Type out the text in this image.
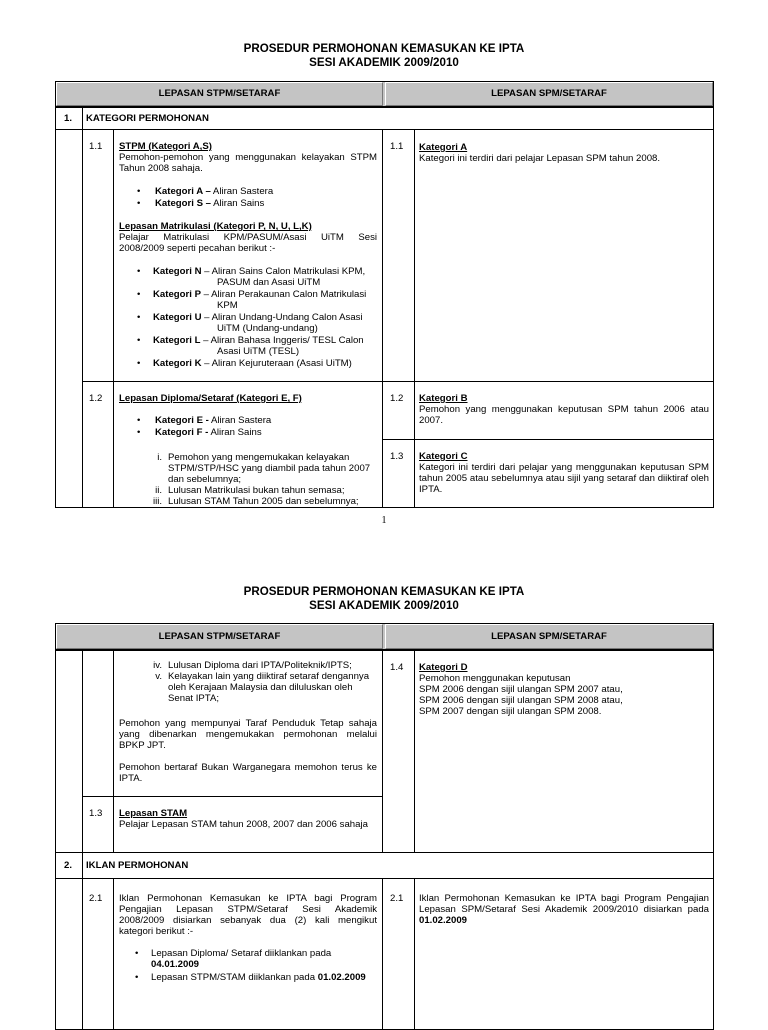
PROSEDUR PERMOHONAN KEMASUKAN KE IPTA
SESI AKADEMIK 2009/2010
LEPASAN STPM/SETARAF	LEPASAN SPM/SETARAF
1. KATEGORI PERMOHONAN
1.1 STPM (Kategori A,S)
Pemohon-pemohon yang menggunakan kelayakan STPM Tahun 2008 sahaja.
• Kategori A – Aliran Sastera
• Kategori S – Aliran Sains
Lepasan Matrikulasi (Kategori P, N, U, L,K)
Pelajar Matrikulasi KPM/PASUM/Asasi UiTM Sesi 2008/2009 seperti pecahan berikut :-
• Kategori N – Aliran Sains Calon Matrikulasi KPM,
PASUM dan Asasi UiTM
• Kategori P – Aliran Perakaunan Calon Matrikulasi
KPM
• Kategori U – Aliran Undang-Undang Calon Asasi
UiTM (Undang-undang)
• Kategori L – Aliran Bahasa Inggeris/ TESL Calon
Asasi UiTM (TESL)
• Kategori K – Aliran Kejuruteraan (Asasi UiTM)
1.1 Kategori A
Kategori ini terdiri dari pelajar Lepasan SPM tahun 2008.
1.2 Lepasan Diploma/Setaraf (Kategori E, F)
• Kategori E - Aliran Sastera
• Kategori F - Aliran Sains
i. Pemohon yang mengemukakan kelayakan
STPM/STP/HSC yang diambil pada tahun 2007
dan sebelumnya;
ii. Lulusan Matrikulasi bukan tahun semasa;
iii. Lulusan STAM Tahun 2005 dan sebelumnya;
1.2 Kategori B
Pemohon yang menggunakan keputusan SPM tahun 2006 atau 2007.
1.3 Kategori C
Kategori ini terdiri dari pelajar yang menggunakan keputusan SPM tahun 2005 atau sebelumnya atau sijil yang setaraf dan diiktiraf oleh IPTA.
1
PROSEDUR PERMOHONAN KEMASUKAN KE IPTA
SESI AKADEMIK 2009/2010
LEPASAN STPM/SETARAF	LEPASAN SPM/SETARAF
iv. Lulusan Diploma dari IPTA/Politeknik/IPTS;
v. Kelayakan lain yang diiktiraf setaraf dengannya
oleh Kerajaan Malaysia dan diluluskan oleh
Senat IPTA;
Pemohon yang mempunyai Taraf Penduduk Tetap sahaja yang dibenarkan mengemukakan permohonan melalui BPKP JPT.
Pemohon bertaraf Bukan Warganegara memohon terus ke IPTA.
1.3 Lepasan STAM
Pelajar Lepasan STAM tahun 2008, 2007 dan 2006 sahaja
1.4 Kategori D
Pemohon menggunakan keputusan
SPM 2006 dengan sijil ulangan SPM 2007 atau,
SPM 2006 dengan sijil ulangan SPM 2008 atau,
SPM 2007 dengan sijil ulangan SPM 2008.
2. IKLAN PERMOHONAN
2.1 Iklan Permohonan Kemasukan ke IPTA bagi Program Pengajian Lepasan STPM/Setaraf Sesi Akademik 2008/2009 disiarkan sebanyak dua (2) kali mengikut kategori berikut :-
• Lepasan Diploma/ Setaraf diiklankan pada
04.01.2009
• Lepasan STPM/STAM diiklankan pada 01.02.2009
2.1 Iklan Permohonan Kemasukan ke IPTA bagi Program Pengajian Lepasan SPM/Setaraf Sesi Akademik 2009/2010 disiarkan pada 01.02.2009
